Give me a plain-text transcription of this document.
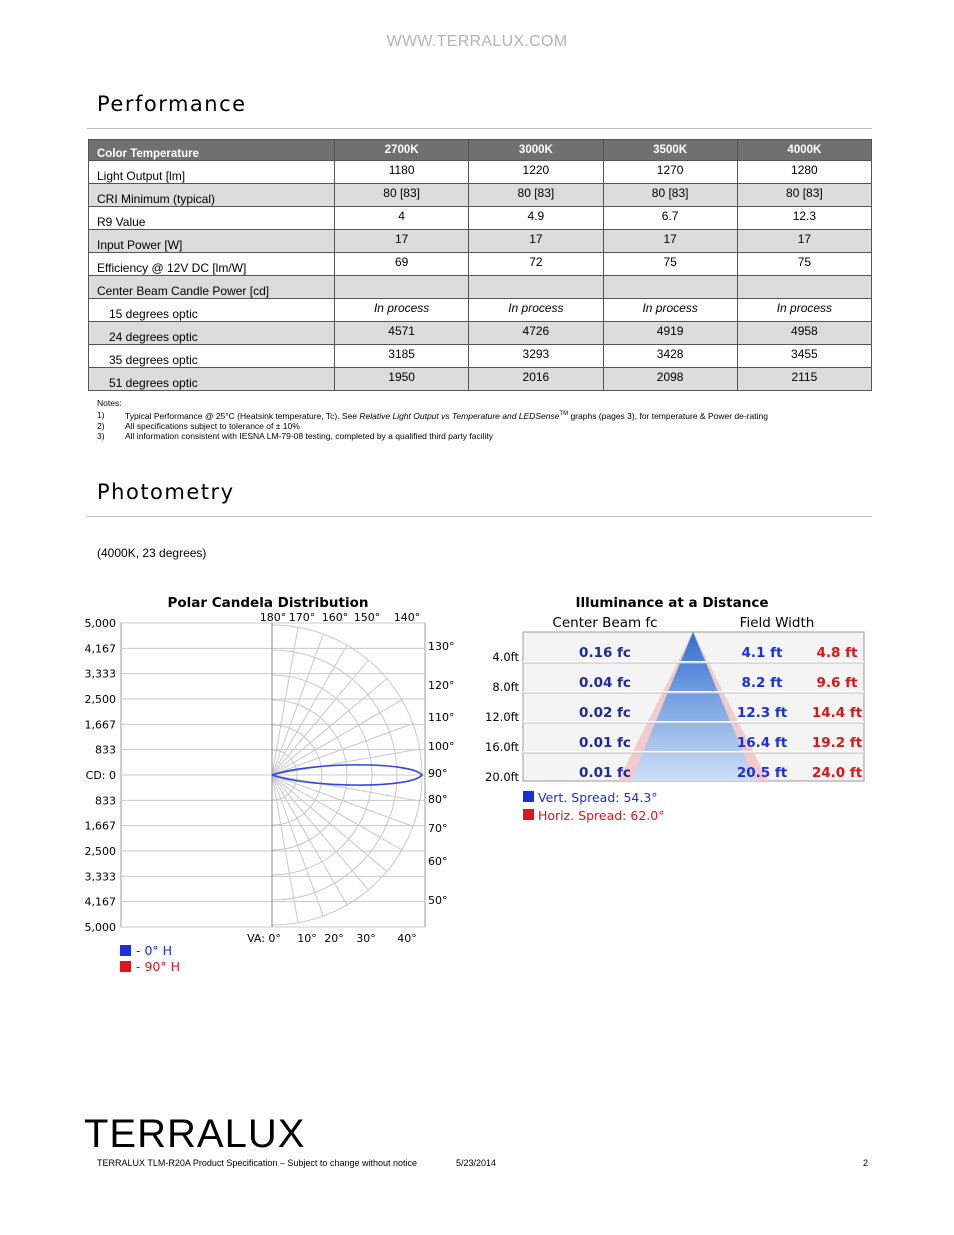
WWW.TERRALUX.COM
Performance
Color Temperature	2700K	3000K	3500K	4000K
Light Output [lm]	1180	1220	1270	1280
CRI Minimum (typical)	80 [83]	80 [83]	80 [83]	80 [83]
R9 Value	4	4.9	6.7	12.3
Input Power [W]	17	17	17	17
Efficiency @ 12V DC [lm/W]	69	72	75	75
Center Beam Candle Power [cd]				
15 degrees optic	In process	In process	In process	In process
24 degrees optic	4571	4726	4919	4958
35 degrees optic	3185	3293	3428	3455
51 degrees optic	1950	2016	2098	2115
Notes:
1) Typical Performance @ 25°C (Heatsink temperature, Tc). See Relative Light Output vs Temperature and LEDSense™ graphs (pages 3), for temperature & Power de-rating
2) All specifications subject to tolerance of ± 10%
3) All information consistent with IESNA LM-79-08 testing, completed by a qualified third party facility
Photometry
(4000K, 23 degrees)
Polar Candela Distribution
5,000
4,167
3,333
2,500
1,667
833
CD: 0
833
1,667
2,500
3,333
4,167
5,000
180° 170° 160° 150° 140°
130°
120°
110°
100°
90°
80°
70°
60°
50°
VA: 0° 10° 20° 30° 40°
- 0° H
- 90° H
Illuminance at a Distance
Center Beam fc	Field Width
4.0ft	0.16 fc	4.1 ft	4.8 ft
8.0ft	0.04 fc	8.2 ft	9.6 ft
12.0ft	0.02 fc	12.3 ft 14.4 ft
16.0ft	0.01 fc	16.4 ft 19.2 ft
20.0ft	0.01 fc	20.5 ft 24.0 ft
Vert. Spread: 54.3°
Horiz. Spread: 62.0°
TERRALUX
TERRALUX TLM-R20A Product Specification – Subject to change without notice	5/23/2014	2
